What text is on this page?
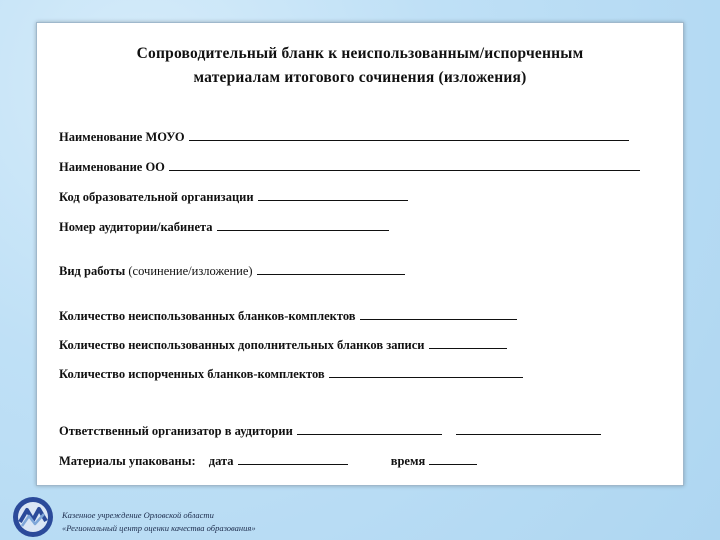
Сопроводительный бланк к неиспользованным/испорченным
материалам итогового сочинения (изложения)
Наименование МОУО
Наименование ОО
Код образовательной организации
Номер аудитории/кабинета
Вид работы (сочинение/изложение)
Количество неиспользованных бланков-комплектов
Количество неиспользованных дополнительных бланков записи
Количество испорченных бланков-комплектов
Ответственный организатор в аудитории
Материалы упакованы: дата	время
Казенное учреждение Орловской области
«Региональный центр оценки качества образования»
